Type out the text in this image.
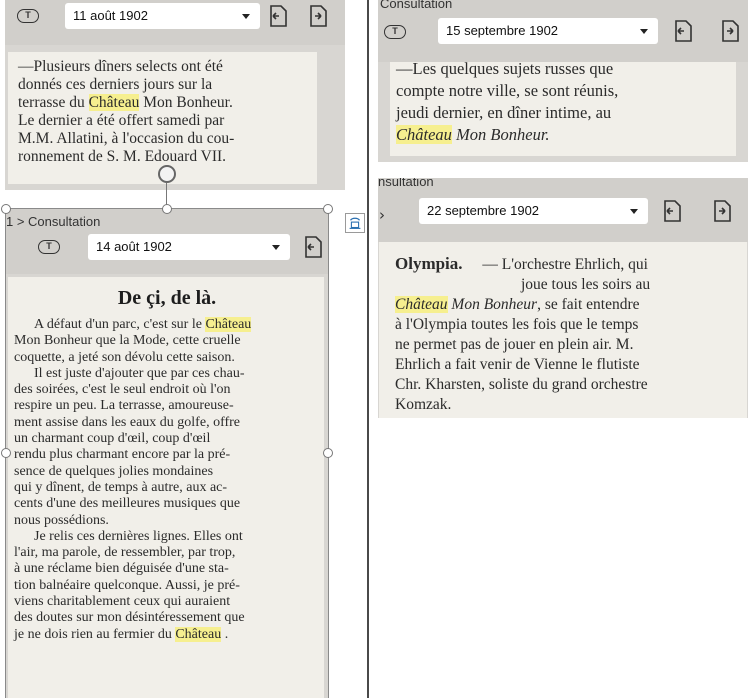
T	11 août 1902

—Plusieurs dîners selects ont été

donnés ces derniers jours sur la

terrasse du Château Mon Bonheur.

Le dernier a été offert samedi par

M.M. Allatini, à l'occasion du cou-

ronnement de S. M. Edouard VII.

1 > Consultation
T	14 août 1902

De çi, de là.

A défaut d'un parc, c'est sur le Château

Mon Bonheur que la Mode, cette cruelle

coquette, a jeté son dévolu cette saison.

Il est juste d'ajouter que par ces chau-

des soirées, c'est le seul endroit où l'on

respire un peu. La terrasse, amoureuse-

ment assise dans les eaux du golfe, offre

un charmant coup d'œil, coup d'œil

rendu plus charmant encore par la pré-

sence de quelques jolies mondaines

qui y dînent, de temps à autre, aux ac-

cents d'une des meilleures musiques que

nous possédions.

Je relis ces dernières lignes. Elles ont

l'air, ma parole, de ressembler, par trop,

à une réclame bien déguisée d'une sta-

tion balnéaire quelconque. Aussi, je pré-

viens charitablement ceux qui auraient

des doutes sur mon désintéressement que

je ne dois rien au fermier du Château .

Consultation
T	15 septembre 1902

—Les quelques sujets russes que

compte notre ville, se sont réunis,

jeudi dernier, en dîner intime, au

Château Mon Bonheur.

nsultation
›	22 septembre 1902

Olympia. — L'orchestre Ehrlich, qui

joue tous les soirs au

Château Mon Bonheur, se fait entendre

à l'Olympia toutes les fois que le temps

ne permet pas de jouer en plein air. M.

Ehrlich a fait venir de Vienne le flutiste

Chr. Kharsten, soliste du grand orchestre

Komzak.
